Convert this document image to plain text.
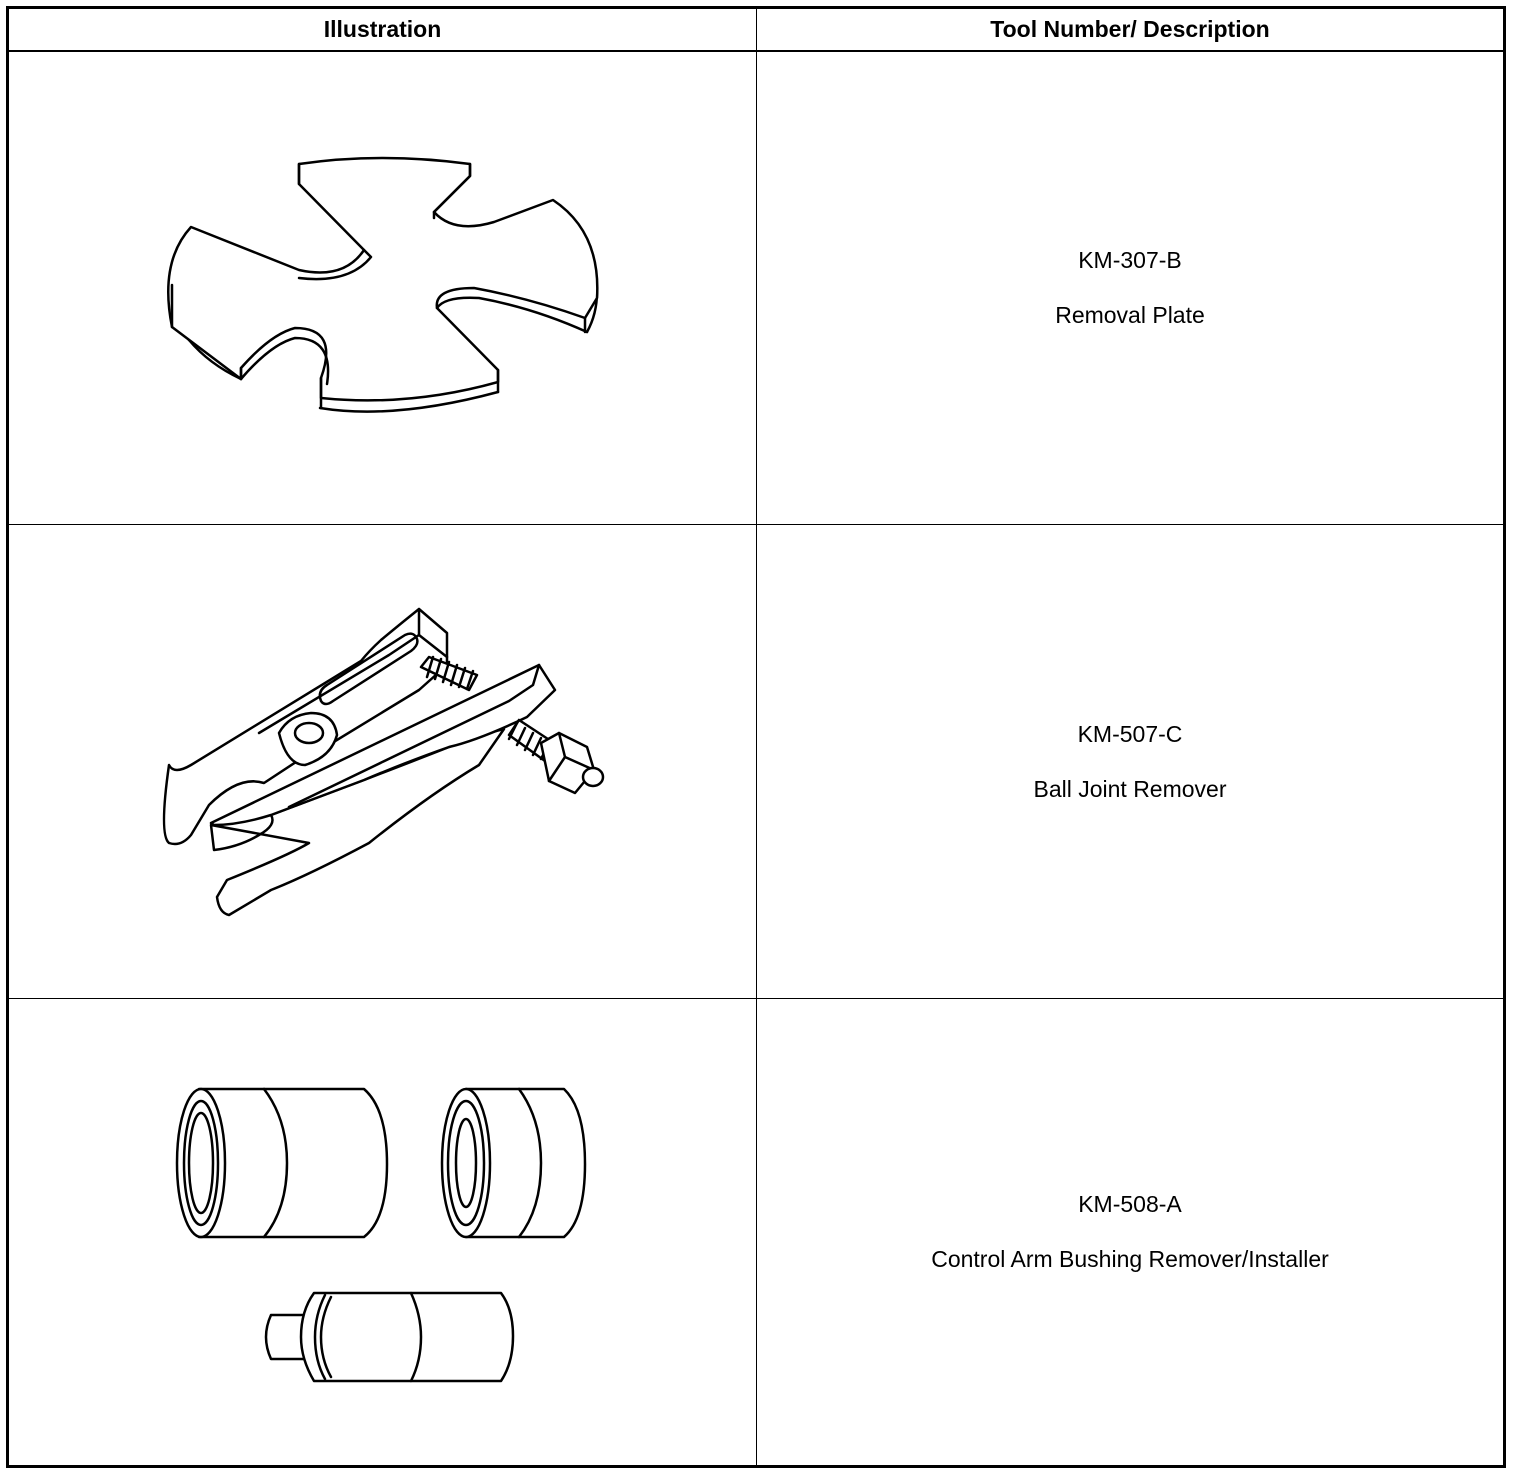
Illustration	Tool Number/ Description
KM-307-B
Removal Plate
KM-507-C
Ball Joint Remover
KM-508-A
Control Arm Bushing Remover/Installer
